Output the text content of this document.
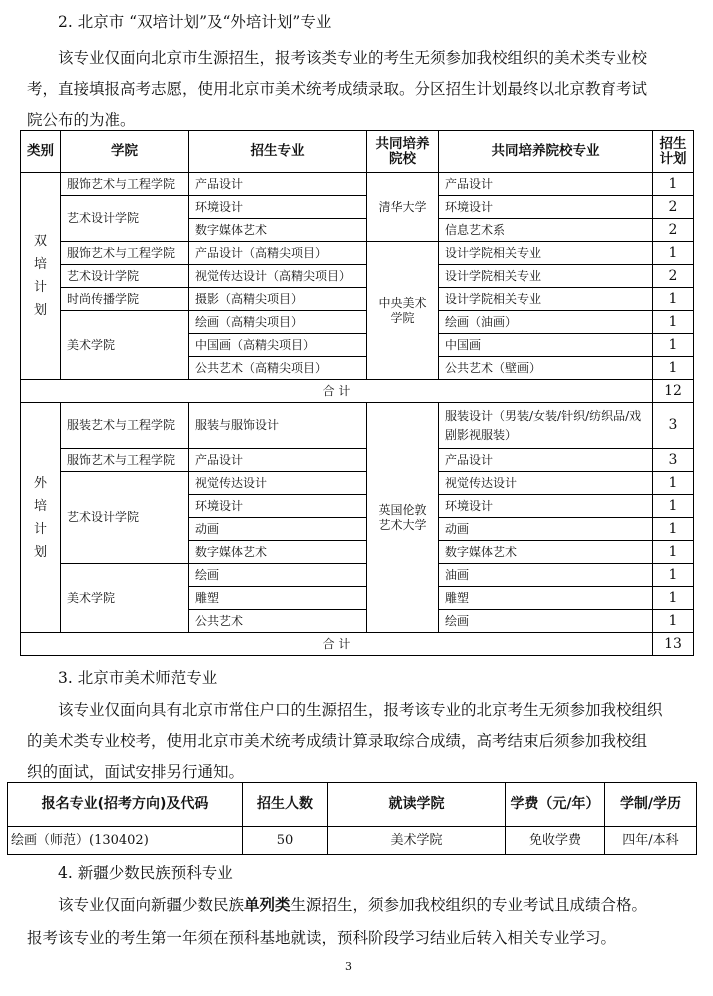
2. 北京市 “双培计划”及“外培计划”专业
该专业仅面向北京市生源招生，报考该类专业的考生无须参加我校组织的美术类专业校
考，直接填报高考志愿，使用北京市美术统考成绩录取。分区招生计划最终以北京教育考试
院公布的为准。
类别	学院	招生专业	共同培养院校	共同培养院校专业	招生计划
双
培
计
划	服饰艺术与工程学院	产品设计	清华大学	产品设计	1
	艺术设计学院	环境设计		环境设计	2
		数字媒体艺术		信息艺术系	2
	服饰艺术与工程学院	产品设计（高精尖项目）	中央美术学院	设计学院相关专业	1
	艺术设计学院	视觉传达设计（高精尖项目）		设计学院相关专业	2
	时尚传播学院	摄影（高精尖项目）		设计学院相关专业	1
	美术学院	绘画（高精尖项目）		绘画（油画）	1
		中国画（高精尖项目）		中国画	1
		公共艺术（高精尖项目）		公共艺术（壁画）	1
合 计					12
外
培
计
划	服装艺术与工程学院	服装与服饰设计	英国伦敦艺术大学	服装设计（男装/女装/针织/纺织品/戏剧影视服装）	3
	服饰艺术与工程学院	产品设计		产品设计	3
	艺术设计学院	视觉传达设计		视觉传达设计	1
		环境设计		环境设计	1
		动画		动画	1
		数字媒体艺术		数字媒体艺术	1
	美术学院	绘画		油画	1
		雕塑		雕塑	1
		公共艺术		绘画	1
合 计					13
3. 北京市美术师范专业
该专业仅面向具有北京市常住户口的生源招生，报考该专业的北京考生无须参加我校组织
的美术类专业校考，使用北京市美术统考成绩计算录取综合成绩，高考结束后须参加我校组
织的面试，面试安排另行通知。
报名专业(招考方向)及代码	招生人数	就读学院	学费（元/年）	学制/学历
绘画（师范）(130402)	50	美术学院	免收学费	四年/本科
4. 新疆少数民族预科专业
该专业仅面向新疆少数民族单列类生源招生，须参加我校组织的专业考试且成绩合格。
报考该专业的考生第一年须在预科基地就读，预科阶段学习结业后转入相关专业学习。
3
